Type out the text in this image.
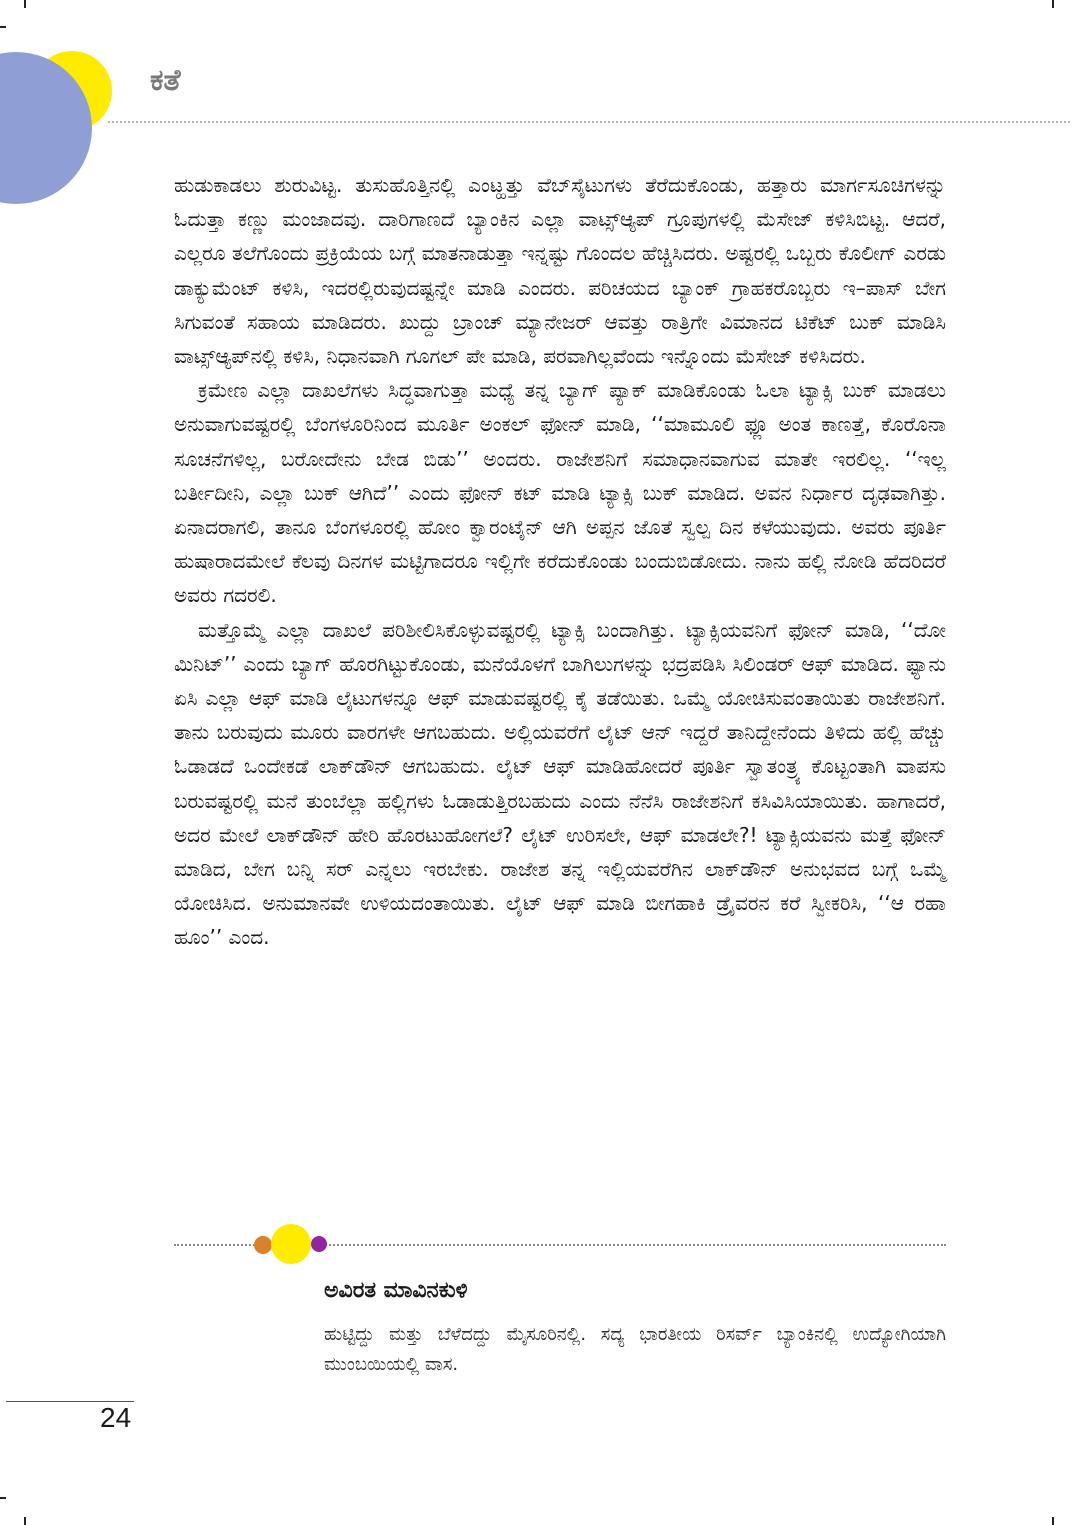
ಕತೆ

ಹುಡುಕಾಡಲು ಶುರುವಿಟ್ಟ. ತುಸುಹೊತ್ತಿನಲ್ಲಿ ಎಂಟ್ಹತ್ತು ವೆಬ್‌ಸೈಟುಗಳು ತೆರೆದುಕೊಂಡು, ಹತ್ತಾರು ಮಾರ್ಗಸೂಚಿಗಳನ್ನು ಓದುತ್ತಾ ಕಣ್ಣು ಮಂಜಾದವು. ದಾರಿಗಾಣದೆ ಬ್ಯಾಂಕಿನ ಎಲ್ಲಾ ವಾಟ್ಸ್‌ಆ್ಯಪ್ ಗ್ರೂಪುಗಳಲ್ಲಿ ಮೆಸೇಜ್ ಕಳಿಸಿಬಿಟ್ಟ. ಆದರೆ, ಎಲ್ಲರೂ ತಲೆಗೊಂದು ಪ್ರಕ್ರಿಯೆಯ ಬಗ್ಗೆ ಮಾತನಾಡುತ್ತಾ ಇನ್ನಷ್ಟು ಗೊಂದಲ ಹೆಚ್ಚಿಸಿದರು. ಅಷ್ಟರಲ್ಲಿ ಒಬ್ಬರು ಕೊಲೀಗ್ ಎರಡು ಡಾಕ್ಯುಮೆಂಟ್ ಕಳಿಸಿ, ಇದರಲ್ಲಿರುವುದಷ್ಟನ್ನೇ ಮಾಡಿ ಎಂದರು. ಪರಿಚಯದ ಬ್ಯಾಂಕ್ ಗ್ರಾಹಕರೊಬ್ಬರು ಇ–ಪಾಸ್ ಬೇಗ ಸಿಗುವಂತೆ ಸಹಾಯ ಮಾಡಿದರು. ಖುದ್ದು ಬ್ರಾಂಚ್ ಮ್ಯಾನೇಜರ್ ಆವತ್ತು ರಾತ್ರಿಗೇ ವಿಮಾನದ ಟಿಕೆಟ್ ಬುಕ್ ಮಾಡಿಸಿ ವಾಟ್ಸ್‌ಆ್ಯಪ್‌ನಲ್ಲಿ ಕಳಿಸಿ, ನಿಧಾನವಾಗಿ ಗೂಗಲ್ ಪೇ ಮಾಡಿ, ಪರವಾಗಿಲ್ಲವೆಂದು ಇನ್ನೊಂದು ಮೆಸೇಜ್ ಕಳಿಸಿದರು.

ಕ್ರಮೇಣ ಎಲ್ಲಾ ದಾಖಲೆಗಳು ಸಿದ್ಧವಾಗುತ್ತಾ ಮಧ್ಯೆ ತನ್ನ ಬ್ಯಾಗ್ ಪ್ಯಾಕ್ ಮಾಡಿಕೊಂಡು ಓಲಾ ಟ್ಯಾಕ್ಸಿ ಬುಕ್ ಮಾಡಲು ಅನುವಾಗುವಷ್ಟರಲ್ಲಿ ಬೆಂಗಳೂರಿನಿಂದ ಮೂರ್ತಿ ಅಂಕಲ್ ಫೋನ್ ಮಾಡಿ, ‘‘ಮಾಮೂಲಿ ಫ್ಲೂ ಅಂತ ಕಾಣತ್ತೆ, ಕೊರೊನಾ ಸೂಚನೆಗಳಿಲ್ಲ, ಬರೋದೇನು ಬೇಡ ಬಿಡು’’ ಅಂದರು. ರಾಜೇಶನಿಗೆ ಸಮಾಧಾನವಾಗುವ ಮಾತೇ ಇರಲಿಲ್ಲ. ‘‘ಇಲ್ಲ ಬರ್ತೀದೀನಿ, ಎಲ್ಲಾ ಬುಕ್ ಆಗಿದೆ’’ ಎಂದು ಫೋನ್ ಕಟ್ ಮಾಡಿ ಟ್ಯಾಕ್ಸಿ ಬುಕ್ ಮಾಡಿದ. ಅವನ ನಿರ್ಧಾರ ದೃಢವಾಗಿತ್ತು. ಏನಾದರಾಗಲಿ, ತಾನೂ ಬೆಂಗಳೂರಲ್ಲಿ ಹೋಂ ಕ್ವಾರಂಟೈನ್ ಆಗಿ ಅಪ್ಪನ ಜೊತೆ ಸ್ವಲ್ಪ ದಿನ ಕಳೆಯುವುದು. ಅವರು ಪೂರ್ತಿ ಹುಷಾರಾದಮೇಲೆ ಕೆಲವು ದಿನಗಳ ಮಟ್ಟಿಗಾದರೂ ಇಲ್ಲಿಗೇ ಕರೆದುಕೊಂಡು ಬಂದುಬಿಡೋದು. ನಾನು ಹಲ್ಲಿ ನೋಡಿ ಹೆದರಿದರೆ ಅವರು ಗದರಲಿ.

ಮತ್ತೊಮ್ಮೆ ಎಲ್ಲಾ ದಾಖಲೆ ಪರಿಶೀಲಿಸಿಕೊಳ್ಳುವಷ್ಟರಲ್ಲಿ ಟ್ಯಾಕ್ಸಿ ಬಂದಾಗಿತ್ತು. ಟ್ಯಾಕ್ಸಿಯವನಿಗೆ ಫೋನ್ ಮಾಡಿ, ‘‘ದೋ ಮಿನಿಟ್’’ ಎಂದು ಬ್ಯಾಗ್ ಹೊರಗಿಟ್ಟುಕೊಂಡು, ಮನೆಯೊಳಗೆ ಬಾಗಿಲುಗಳನ್ನು ಭದ್ರಪಡಿಸಿ ಸಿಲಿಂಡರ್ ಆಫ್ ಮಾಡಿದ. ಫ್ಯಾನು ಏಸಿ ಎಲ್ಲಾ ಆಫ್ ಮಾಡಿ ಲೈಟುಗಳನ್ನೂ ಆಫ್ ಮಾಡುವಷ್ಟರಲ್ಲಿ ಕೈ ತಡೆಯಿತು. ಒಮ್ಮೆ ಯೋಚಿಸುವಂತಾಯಿತು ರಾಜೇಶನಿಗೆ. ತಾನು ಬರುವುದು ಮೂರು ವಾರಗಳೇ ಆಗಬಹುದು. ಅಲ್ಲಿಯವರೆಗೆ ಲೈಟ್ ಆನ್ ಇದ್ದರೆ ತಾನಿದ್ದೇನೆಂದು ತಿಳಿದು ಹಲ್ಲಿ ಹೆಚ್ಚು ಓಡಾಡದೆ ಒಂದೇಕಡೆ ಲಾಕ್‌ಡೌನ್ ಆಗಬಹುದು. ಲೈಟ್ ಆಫ್ ಮಾಡಿಹೋದರೆ ಪೂರ್ತಿ ಸ್ವಾತಂತ್ರ್ಯ ಕೊಟ್ಟಂತಾಗಿ ವಾಪಸು ಬರುವಷ್ಟರಲ್ಲಿ ಮನೆ ತುಂಬೆಲ್ಲಾ ಹಲ್ಲಿಗಳು ಓಡಾಡುತ್ತಿರಬಹುದು ಎಂದು ನೆನೆಸಿ ರಾಜೇಶನಿಗೆ ಕಸಿವಿಸಿಯಾಯಿತು. ಹಾಗಾದರೆ, ಅದರ ಮೇಲೆ ಲಾಕ್‌ಡೌನ್ ಹೇರಿ ಹೊರಟುಹೋಗಲೆ? ಲೈಟ್ ಉರಿಸಲೇ, ಆಫ್ ಮಾಡಲೇ?! ಟ್ಯಾಕ್ಸಿಯವನು ಮತ್ತೆ ಫೋನ್ ಮಾಡಿದ, ಬೇಗ ಬನ್ನಿ ಸರ್ ಎನ್ನಲು ಇರಬೇಕು. ರಾಜೇಶ ತನ್ನ ಇಲ್ಲಿಯವರೆಗಿನ ಲಾಕ್‌ಡೌನ್ ಅನುಭವದ ಬಗ್ಗೆ ಒಮ್ಮೆ ಯೋಚಿಸಿದ. ಅನುಮಾನವೇ ಉಳಿಯದಂತಾಯಿತು. ಲೈಟ್ ಆಫ್ ಮಾಡಿ ಬೀಗಹಾಕಿ ಡ್ರೈವರನ ಕರೆ ಸ್ವೀಕರಿಸಿ, ‘‘ಆ ರಹಾ ಹೂಂ’’ ಎಂದ.

ಅವಿರತ ಮಾವಿನಕುಳಿ

ಹುಟ್ಟಿದ್ದು ಮತ್ತು ಬೆಳೆದದ್ದು ಮೈಸೂರಿನಲ್ಲಿ. ಸದ್ಯ ಭಾರತೀಯ ರಿಸರ್ವ್ ಬ್ಯಾಂಕಿನಲ್ಲಿ ಉದ್ಯೋಗಿಯಾಗಿ ಮುಂಬಯಿಯಲ್ಲಿ ವಾಸ.

24
